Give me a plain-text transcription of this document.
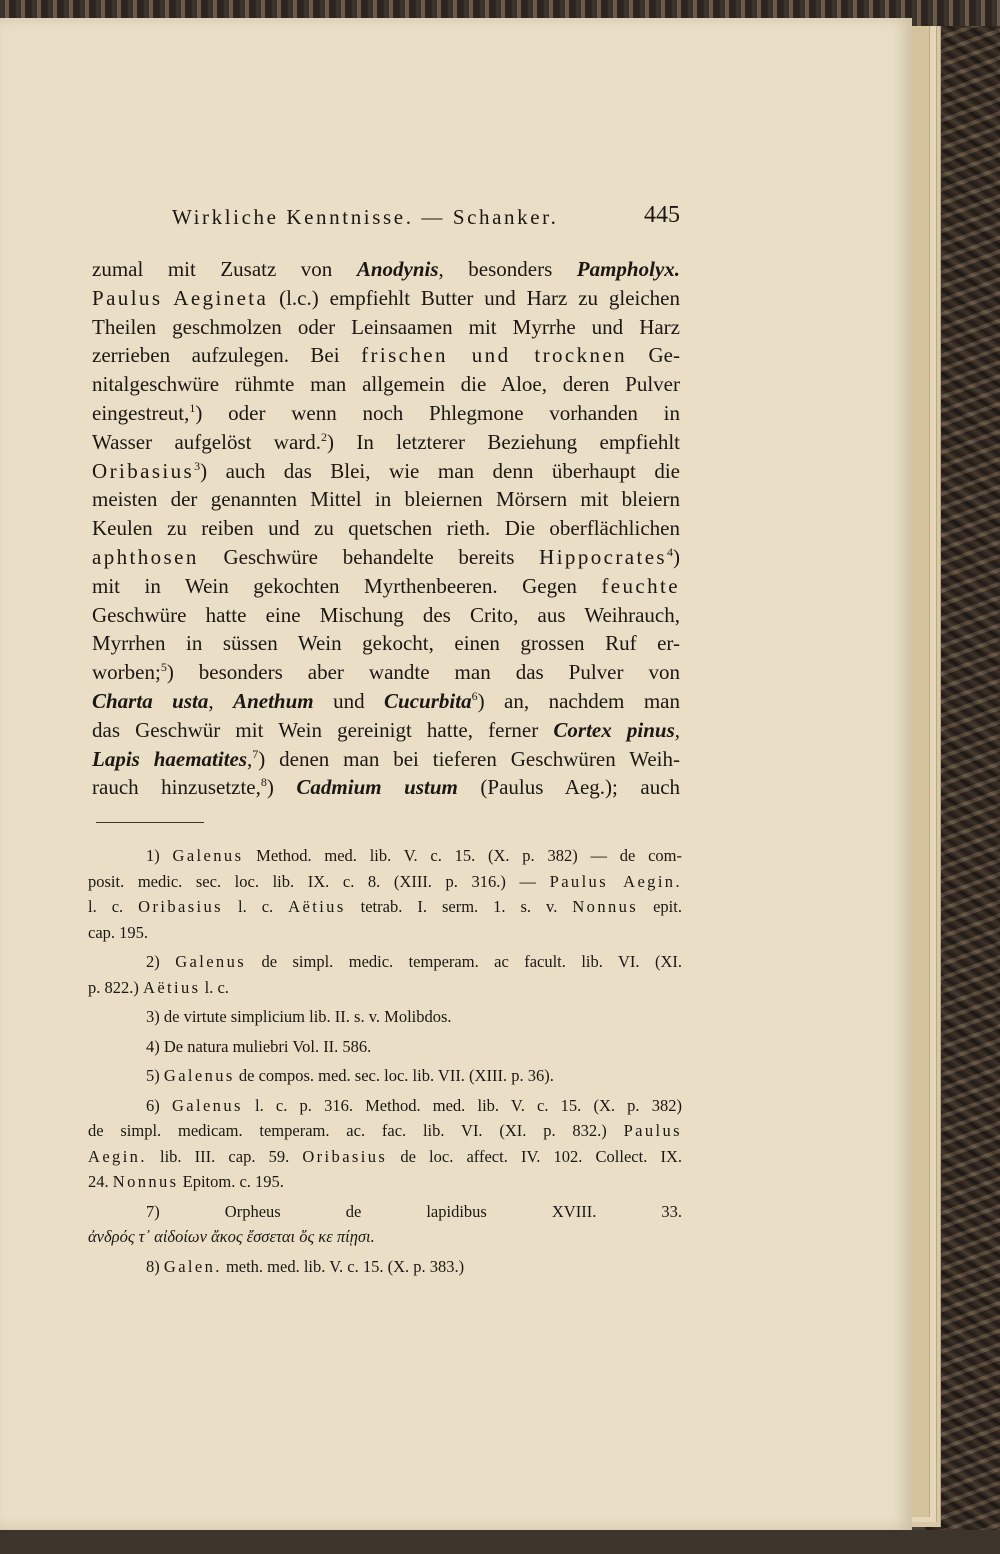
Wirkliche Kenntnisse. — Schanker.	445
zumal mit Zusatz von Anodynis, besonders Pampholyx.
Paulus Aegineta (l.c.) empfiehlt Butter und Harz zu gleichen
Theilen geschmolzen oder Leinsaamen mit Myrrhe und Harz
zerrieben aufzulegen. Bei frischen und trocknen Ge-
nitalgeschwüre rühmte man allgemein die Aloe, deren Pulver
eingestreut,$^1$) oder wenn noch Phlegmone vorhanden in
Wasser aufgelöst ward.$^2$) In letzterer Beziehung empfiehlt
Oribasius$^3$) auch das Blei, wie man denn überhaupt die
meisten der genannten Mittel in bleiernen Mörsern mit bleiern
Keulen zu reiben und zu quetschen rieth. Die oberflächlichen
aphthosen Geschwüre behandelte bereits Hippocrates$^4$)
mit in Wein gekochten Myrthenbeeren. Gegen feuchte
Geschwüre hatte eine Mischung des Crito, aus Weihrauch,
Myrrhen in süssen Wein gekocht, einen grossen Ruf er-
worben;$^5$) besonders aber wandte man das Pulver von
Charta usta, Anethum und Cucurbita$^6$) an, nachdem man
das Geschwür mit Wein gereinigt hatte, ferner Cortex pinus,
Lapis haematites,$^7$) denen man bei tieferen Geschwüren Weih-
rauch hinzusetzte,$^8$) Cadmium ustum (Paulus Aeg.); auch
1) Galenus Method. med. lib. V. c. 15. (X. p. 382) — de com-
posit. medic. sec. loc. lib. IX. c. 8. (XIII. p. 316.) — Paulus Aegin.
l. c. Oribasius l. c. Aëtius tetrab. I. serm. 1. s. v. Nonnus epit.
cap. 195.
2) Galenus de simpl. medic. temperam. ac facult. lib. VI. (XI.
p. 822.) Aëtius l. c.
3) de virtute simplicium lib. II. s. v. Molibdos.
4) De natura muliebri Vol. II. 586.
5) Galenus de compos. med. sec. loc. lib. VII. (XIII. p. 36).
6) Galenus l. c. p. 316. Method. med. lib. V. c. 15. (X. p. 382)
de simpl. medicam. temperam. ac. fac. lib. VI. (XI. p. 832.) Paulus
Aegin. lib. III. cap. 59. Oribasius de loc. affect. IV. 102. Collect. IX.
24. Nonnus Epitom. c. 195.
7) Orpheus de lapidibus XVIII. 33.
ἀνδρός τ᾽ αἰδοίων ἄκος ἔσσεται ὅς κε πίῃσι.
8) Galen. meth. med. lib. V. c. 15. (X. p. 383.)
